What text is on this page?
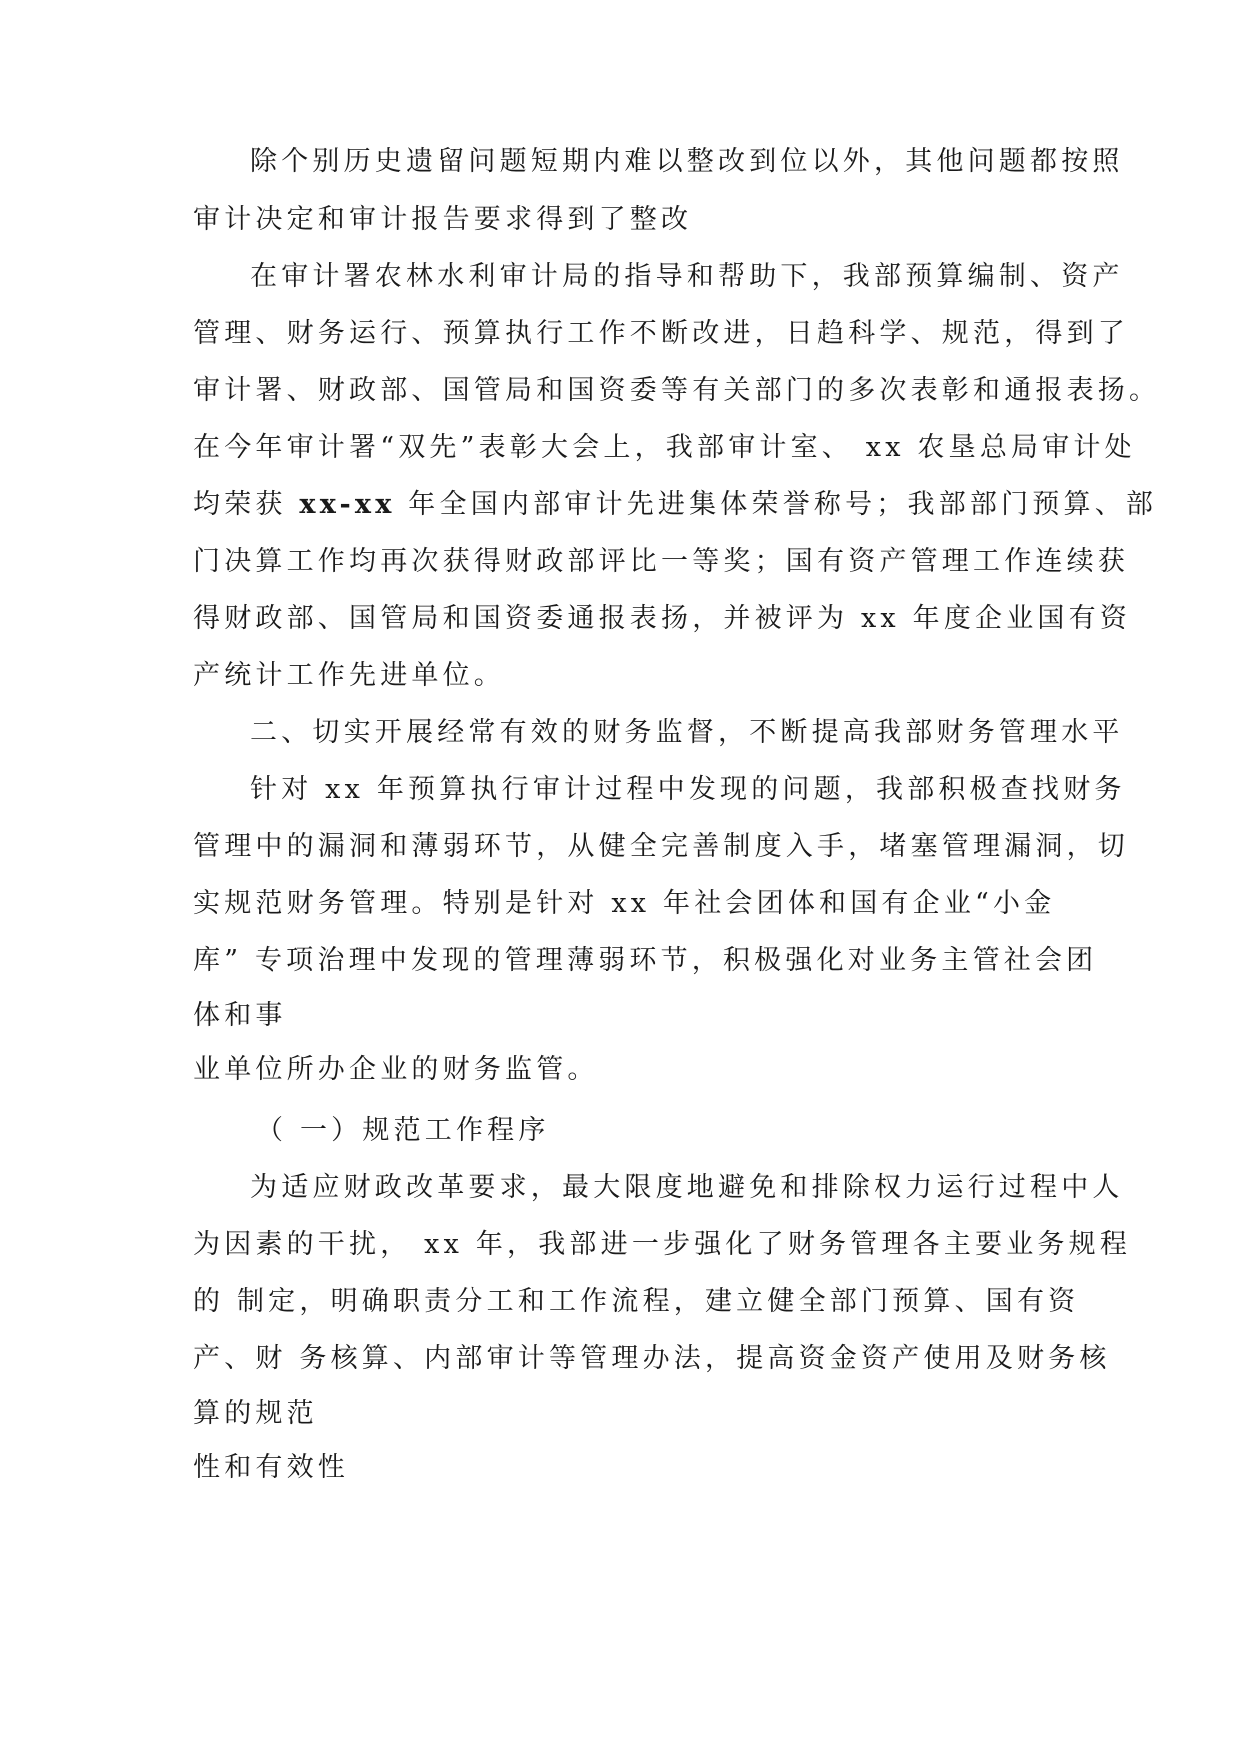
除个别历史遗留问题短期内难以整改到位以外，其他问题都按照
审计决定和审计报告要求得到了整改
在审计署农林水利审计局的指导和帮助下，我部预算编制、资产
管理、财务运行、预算执行工作不断改进，日趋科学、规范，得到了
审计署、财政部、国管局和国资委等有关部门的多次表彰和通报表扬。
在今年审计署“双先”表彰大会上，我部审计室、 xx 农垦总局审计处
均荣获 xx-xx 年全国内部审计先进集体荣誉称号；我部部门预算、部
门决算工作均再次获得财政部评比一等奖；国有资产管理工作连续获
得财政部、国管局和国资委通报表扬，并被评为 xx 年度企业国有资
产统计工作先进单位。
二、切实开展经常有效的财务监督，不断提高我部财务管理水平
针对 xx 年预算执行审计过程中发现的问题，我部积极查找财务
管理中的漏洞和薄弱环节，从健全完善制度入手，堵塞管理漏洞，切
实规范财务管理。特别是针对 xx 年社会团体和国有企业“小金
库” 专项治理中发现的管理薄弱环节，积极强化对业务主管社会团
体和事
业单位所办企业的财务监管。
（ 一）规范工作程序
为适应财政改革要求，最大限度地避免和排除权力运行过程中人
为因素的干扰， xx 年，我部进一步强化了财务管理各主要业务规程
的 制定，明确职责分工和工作流程，建立健全部门预算、国有资
产、财 务核算、内部审计等管理办法，提高资金资产使用及财务核
算的规范
性和有效性
